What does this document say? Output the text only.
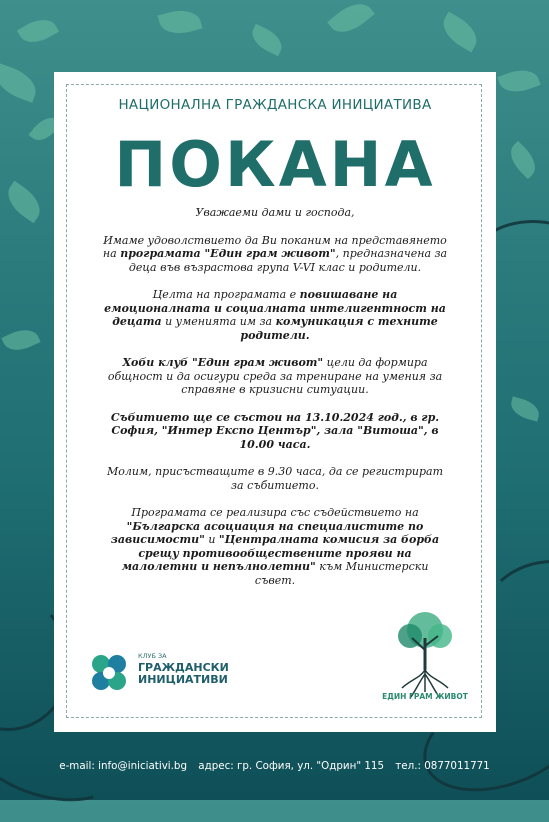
НАЦИОНАЛНА ГРАЖДАНСКА ИНИЦИАТИВА
ПОКАНА

Уважаеми дами и господа,

Имаме удоволствието да Ви поканим на представянето на програмата "Един грам живот", предназначена за деца във възрастова група V-VI клас и родители.

Целта на програмата е повишаване на емоционалната и социалната интелигентност на децата и уменията им за комуникация с техните родители.

Хоби клуб "Един грам живот" цели да формира общност и да осигури среда за трениране на умения за справяне в кризисни ситуации.

Събитието ще се състои на 13.10.2024 год., в гр. София, "Интер Експо Център", зала "Витоша", в 10.00 часа.

Молим, присъстващите в 9.30 часа, да се регистрират за събитието.

Програмата се реализира със съдействието на "Българска асоциация на специалистите по зависимости" и "Централната комисия за борба срещу противообществените прояви на малолетни и непълнолетни" към Министерски съвет.

КЛУБ ЗА
ГРАЖДАНСКИ
ИНИЦИАТИВИ
ЕДИН ГРАМ ЖИВОТ
e-mail: info@iniciativi.bg адрес: гр. София, ул. "Одрин" 115 тел.: 0877011771
